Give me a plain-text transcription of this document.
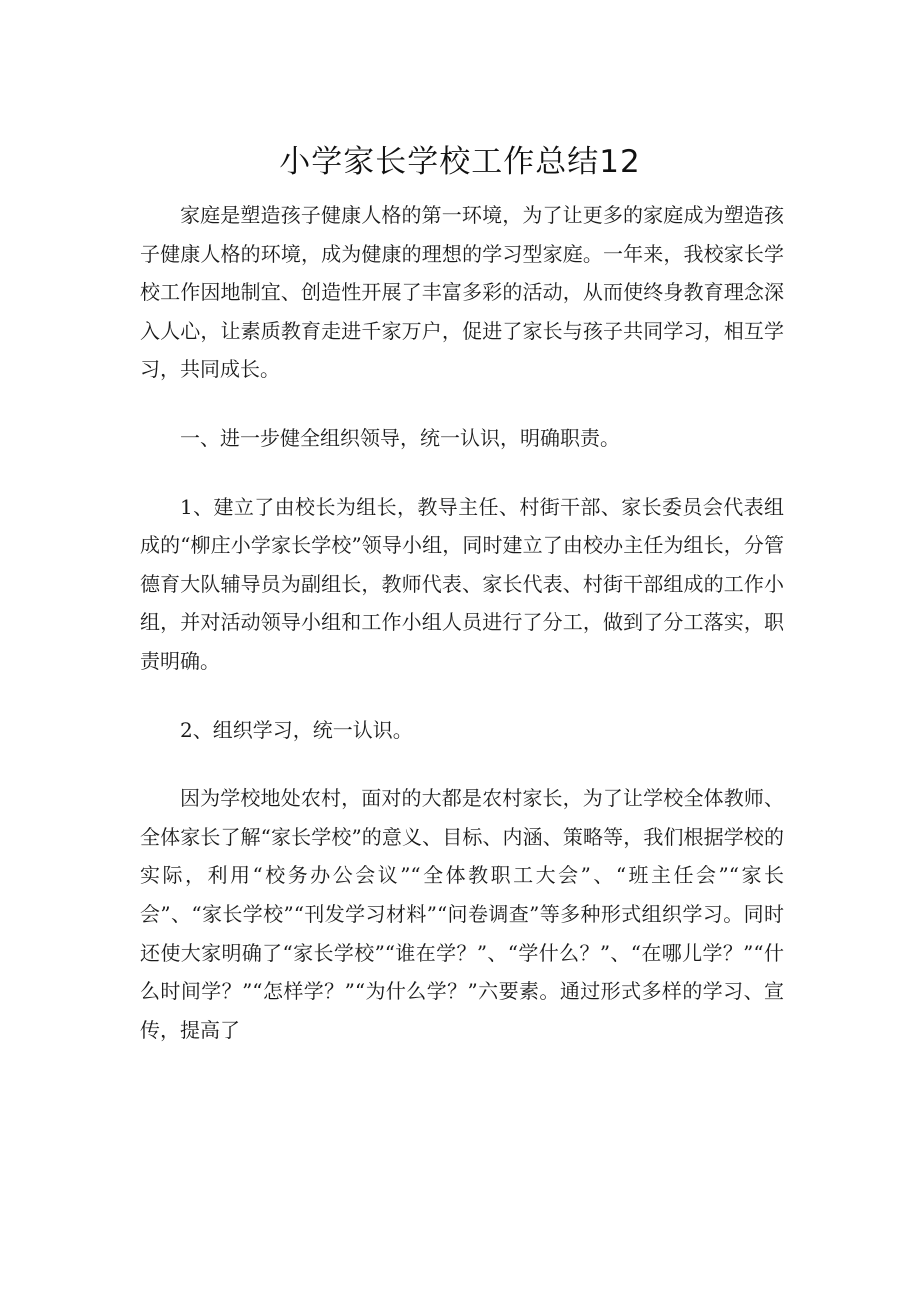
小学家长学校工作总结12

家庭是塑造孩子健康人格的第一环境，为了让更多的家庭成为塑造孩子健康人格的环境，成为健康的理想的学习型家庭。一年来，我校家长学校工作因地制宜、创造性开展了丰富多彩的活动，从而使终身教育理念深入人心，让素质教育走进千家万户，促进了家长与孩子共同学习，相互学习，共同成长。

一、进一步健全组织领导，统一认识，明确职责。

1、建立了由校长为组长，教导主任、村街干部、家长委员会代表组成的“柳庄小学家长学校”领导小组，同时建立了由校办主任为组长，分管德育大队辅导员为副组长，教师代表、家长代表、村街干部组成的工作小组，并对活动领导小组和工作小组人员进行了分工，做到了分工落实，职责明确。

2、组织学习，统一认识。

因为学校地处农村，面对的大都是农村家长，为了让学校全体教师、全体家长了解“家长学校”的意义、目标、内涵、策略等，我们根据学校的实际，利用“校务办公会议”“全体教职工大会”、“班主任会”“家长会”、“家长学校”“刊发学习材料”“问卷调查”等多种形式组织学习。同时还使大家明确了“家长学校”“谁在学？”、“学什么？”、“在哪儿学？”“什么时间学？”“怎样学？”“为什么学？”六要素。通过形式多样的学习、宣传，提高了
